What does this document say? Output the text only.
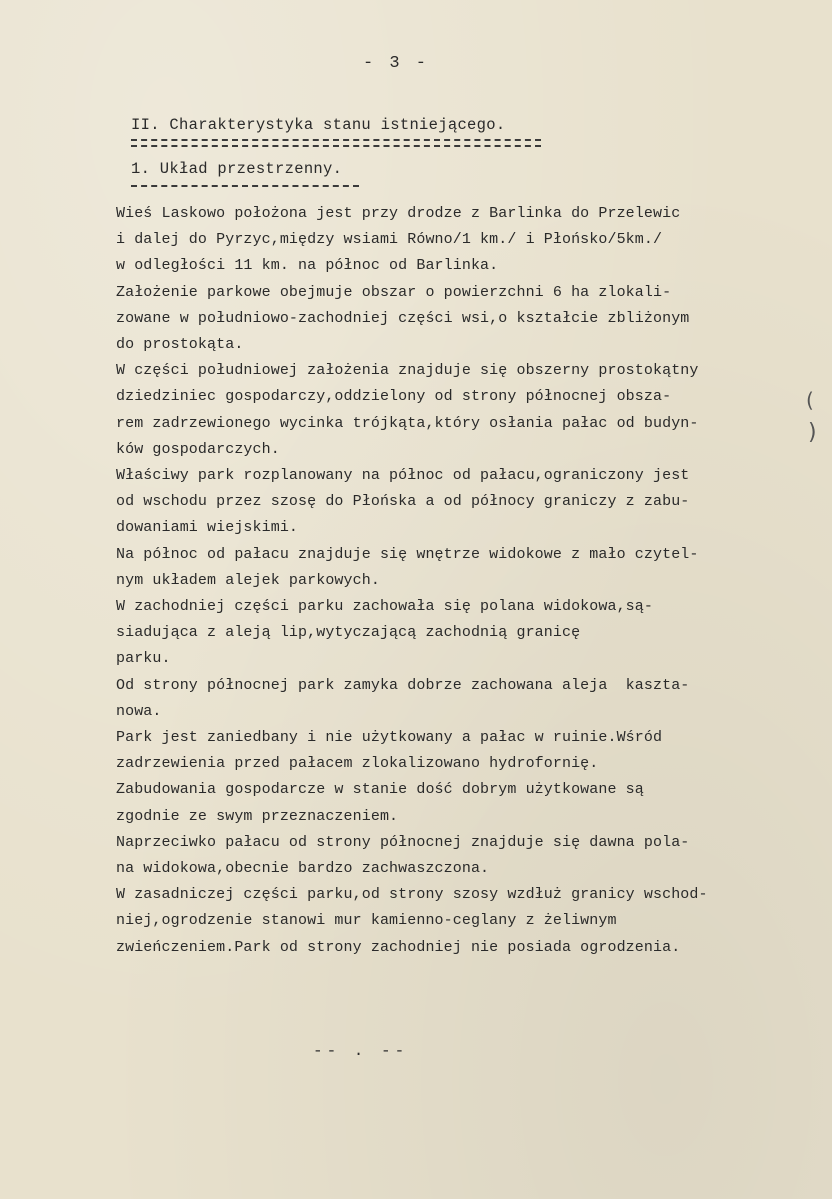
- 3 -
II. Charakterystyka stanu istniejącego.
1. Układ przestrzenny.
Wieś Laskowo położona jest przy drodze z Barlinka do Przelewic
i dalej do Pyrzyc,między wsiami Równo/1 km./ i Płońsko/5km./
w odległości 11 km. na północ od Barlinka.
Założenie parkowe obejmuje obszar o powierzchni 6 ha zlokali-
zowane w południowo-zachodniej części wsi,o kształcie zbliżonym
do prostokąta.
W części południowej założenia znajduje się obszerny prostokątny
dziedziniec gospodarczy,oddzielony od strony północnej obsza-
rem zadrzewionego wycinka trójkąta,który osłania pałac od budyn-
ków gospodarczych.
Właściwy park rozplanowany na północ od pałacu,ograniczony jest
od wschodu przez szosę do Płońska a od północy graniczy z zabu-
dowaniami wiejskimi.
Na północ od pałacu znajduje się wnętrze widokowe z mało czytel-
nym układem alejek parkowych.
W zachodniej części parku zachowała się polana widokowa,są-
siadująca z aleją lip,wytyczającą zachodnią granicę
parku.
Od strony północnej park zamyka dobrze zachowana aleja  kaszta-
nowa.
Park jest zaniedbany i nie użytkowany a pałac w ruinie.Wśród
zadrzewienia przed pałacem zlokalizowano hydrofornię.
Zabudowania gospodarcze w stanie dość dobrym użytkowane są
zgodnie ze swym przeznaczeniem.
Naprzeciwko pałacu od strony północnej znajduje się dawna pola-
na widokowa,obecnie bardzo zachwaszczona.
W zasadniczej części parku,od strony szosy wzdłuż granicy wschod-
niej,ogrodzenie stanowi mur kamienno-ceglany z żeliwnym
zwieńczeniem.Park od strony zachodniej nie posiada ogrodzenia.
-- . --
(
)
